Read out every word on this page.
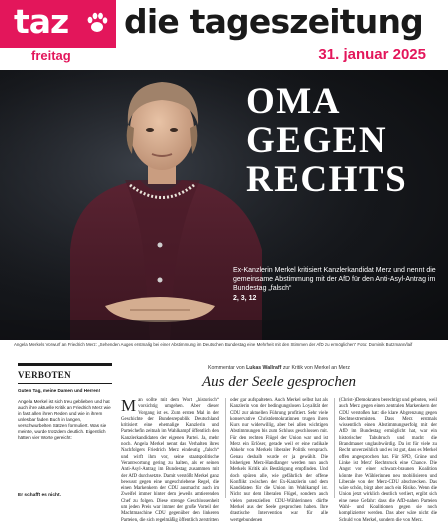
taz die tageszeitung
freitag	31. januar 2025
OMA
GEGEN
RECHTS
Ex-Kanzlerin Merkel kritisiert Kanzlerkandidat Merz und nennt die gemeinsame Abstimmung mit der AfD für den Anti-Asyl-Antrag im Bundestag „falsch“
2, 3, 12
Angela Merkels Vorwurf an Friedrich Merz: „Sehenden Auges erstmalig bei einer Abstimmung im Deutschen Bundestag eine Mehrheit mit den Stimmen der AfD zu ermöglichen“ Foto: Dominik Butzmann/laif
VERBOTEN
Guten Tag, meine Damen und Herren!
Angela Merkel ist sich treu geblieben und hat auch ihre aktuelle Kritik an Friedrich Merz wie in fast allen ihren Reden und wie in ihrem unlesbar faden Buch in langen, verschwurbelten Sätzen formuliert. Was sie meinte, wurde trotzdem deutlich. Eigentlich hätten vier Worte gereicht:
Er schafft es nicht.
Kommentar von Lukas Wallraff zur Kritik von Merkel an Merz
Aus der Seele gesprochen
M an sollte mit dem Wort „historisch“ vorsichtig umgehen. Aber dieser Vorgang ist es. Zum ersten Mal in der Geschichte der Bundesrepublik Deutschland kritisiert eine ehemalige Kanzlerin und Parteichefin zeitnah im Wahlkampf öffentlich den Kanzlerkandidaten der eigenen Partei. Ja, mehr noch. Angela Merkel nennt das Verhalten ihres Nachfolgers Friedrich Merz eindeutig „falsch“ und wirft ihm vor, seine staatspolitische Verantwortung gering zu halten, als er seinen Anti-Asyl-Antrag im Bundestag zusammen mit der AfD durchsetzte. Damit verstößt Merkel ganz bewusst gegen eine ungeschriebene Regel, die einen Markenkern der CDU ausmacht: auch im Zweifel immer hinter dem jeweils amtierenden Chef zu folgen. Diese strenge Geschlossenheit um jeden Preis war immer der große Vorteil der Machtmaschine CDU gegenüber den linkeren Parteien, die sich regelmäßig öffentlich zerstritten
oder gar aufspalteten. Auch Merkel selbst hat als Kanzlerin von der bedingungslosen Loyalität der CDU zur aktuellen Führung profitiert. Sehr viele konservative Christdemokratinnen trugen ihren Kurs nur widerwillig, aber bei allen wichtigen Abstimmungen bis zum Schluss geschlossen mit. Für den rechten Flügel der Union war und ist Merz ein Erlöser, gerade weil er eine radikale Abkehr von Merkels liberaler Politik versprach. Genau deshalb wurde er ja gewählt. Die bisherigen Merz-Handlanger werden nun auch Merkels Kritik als Bestätigung empfinden. Und doch spüren alle, wie gefährlich der offene Konflikt zwischen der Ex-Kanzlerin und dem Kandidaten für die Union im Wahlkampf ist. Nicht nur dem liberalen Flügel, sondern auch vielen potenziellen CDU-Wählerinnen dürfte Merkel aus der Seele gesprochen haben. Ihre drastische Intervention war für alle wertgebundenen
(Christ-)Demokraten berechtigt und geboten, weil auch Merz gegen einen zentralen Markenkern der CDU verstoßen hat: die klare Abgrenzung gegen Rechtsextremisten. Dass Merz erstmals wissentlich einen Abstimmungserfolg mit der AfD im Bundestag ermöglicht hat, war ein historischer Tabubruch und macht die Brandmauer unglaubwürdig. Da ist für viele zu Recht unverzeihlich und es ist gut, dass es Merkel offen angesprochen hat. Für SPD, Grüne und Linke ist Merz' Rechtsruck eine Chance. Die Angst vor einer schwarz-braunen Koalition könnte ihre Wählerinnen neu mobilisieren und Liberale von der Merz-CDU abschrecken. Das wäre schön, birgt aber auch ein Risiko. Wenn die Union jetzt wirklich deutlich verliert, ergibt sich eine neue Gefahr: dass die AfD-nahen Parteien Wahl- und Koalitionen gegen sie noch komplizierter werden. Das aber wäre nicht die Schuld von Merkel, sondern die von Merz.
